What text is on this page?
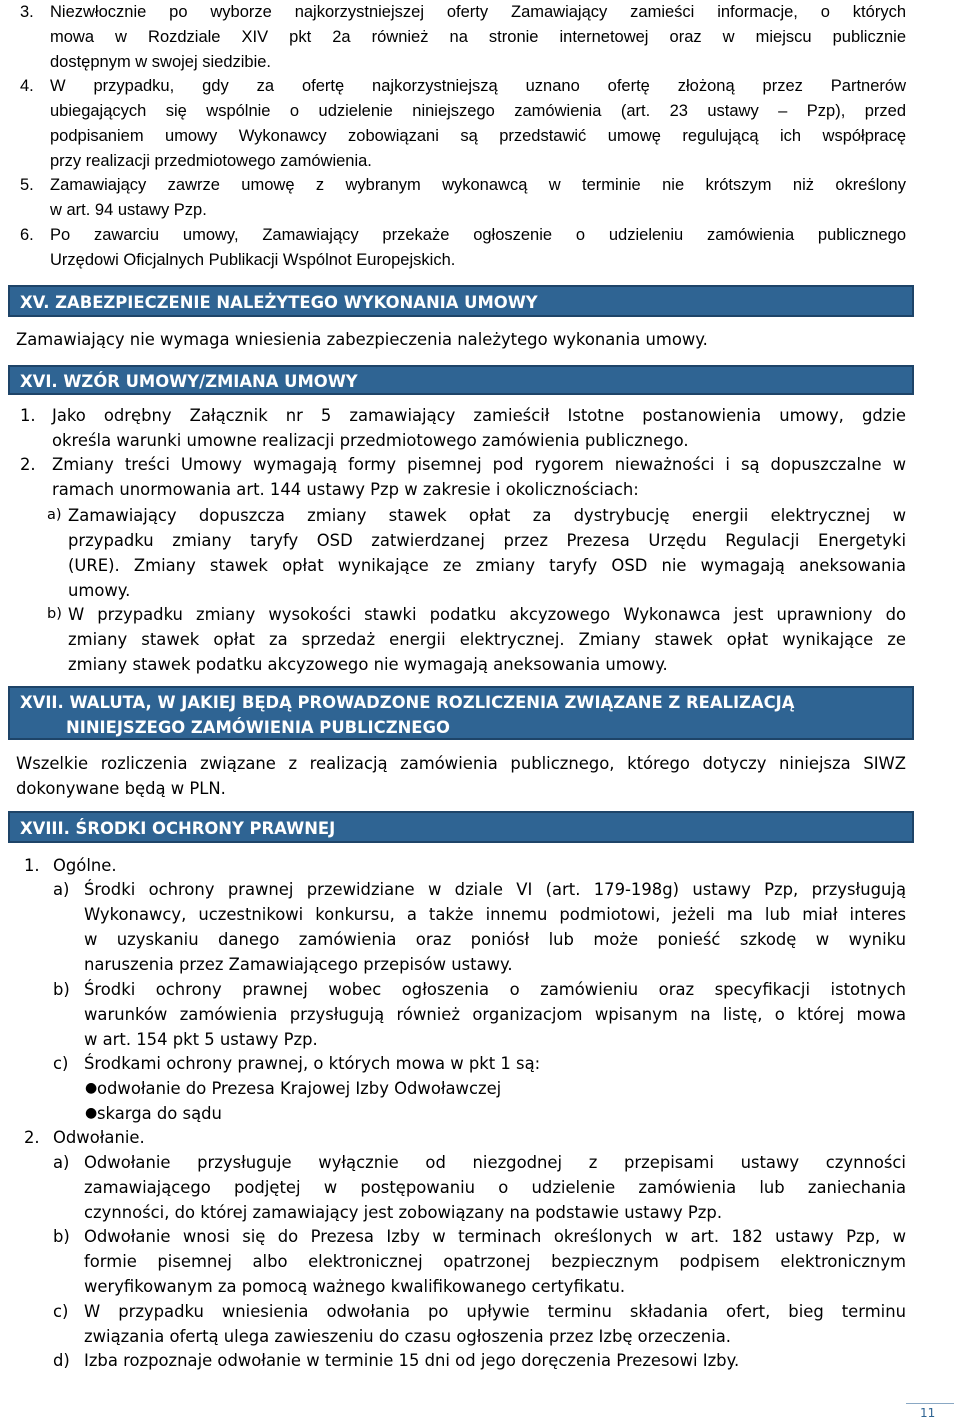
3. Niezwłocznie po wyborze najkorzystniejszej oferty Zamawiający zamieści informacje, o których
mowa w Rozdziale XIV pkt 2a również na stronie internetowej oraz w miejscu publicznie
dostępnym w swojej siedzibie.
4. W przypadku, gdy za ofertę najkorzystniejszą uznano ofertę złożoną przez Partnerów
ubiegających się wspólnie o udzielenie niniejszego zamówienia (art. 23 ustawy – Pzp), przed
podpisaniem umowy Wykonawcy zobowiązani są przedstawić umowę regulującą ich współpracę
przy realizacji przedmiotowego zamówienia.
5. Zamawiający zawrze umowę z wybranym wykonawcą w terminie nie krótszym niż określony
w art. 94 ustawy Pzp.
6. Po zawarciu umowy, Zamawiający przekaże ogłoszenie o udzieleniu zamówienia publicznego
Urzędowi Oficjalnych Publikacji Wspólnot Europejskich.
XV. ZABEZPIECZENIE NALEŻYTEGO WYKONANIA UMOWY
Zamawiający nie wymaga wniesienia zabezpieczenia należytego wykonania umowy.
XVI. WZÓR UMOWY/ZMIANA UMOWY
1. Jako odrębny Załącznik nr 5 zamawiający zamieścił Istotne postanowienia umowy, gdzie
określa warunki umowne realizacji przedmiotowego zamówienia publicznego.
2. Zmiany treści Umowy wymagają formy pisemnej pod rygorem nieważności i są dopuszczalne w
ramach unormowania art. 144 ustawy Pzp w zakresie i okolicznościach:
a) Zamawiający dopuszcza zmiany stawek opłat za dystrybucję energii elektrycznej w
przypadku zmiany taryfy OSD zatwierdzanej przez Prezesa Urzędu Regulacji Energetyki
(URE). Zmiany stawek opłat wynikające ze zmiany taryfy OSD nie wymagają aneksowania
umowy.
b) W przypadku zmiany wysokości stawki podatku akcyzowego Wykonawca jest uprawniony do
zmiany stawek opłat za sprzedaż energii elektrycznej. Zmiany stawek opłat wynikające ze
zmiany stawek podatku akcyzowego nie wymagają aneksowania umowy.
XVII. WALUTA, W JAKIEJ BĘDĄ PROWADZONE ROZLICZENIA ZWIĄZANE Z REALIZACJĄ
NINIEJSZEGO ZAMÓWIENIA PUBLICZNEGO
Wszelkie rozliczenia związane z realizacją zamówienia publicznego, którego dotyczy niniejsza SIWZ
dokonywane będą w PLN.
XVIII. ŚRODKI OCHRONY PRAWNEJ
1. Ogólne.
a) Środki ochrony prawnej przewidziane w dziale VI (art. 179-198g) ustawy Pzp, przysługują
Wykonawcy, uczestnikowi konkursu, a także innemu podmiotowi, jeżeli ma lub miał interes
w uzyskaniu danego zamówienia oraz poniósł lub może ponieść szkodę w wyniku
naruszenia przez Zamawiającego przepisów ustawy.
b) Środki ochrony prawnej wobec ogłoszenia o zamówieniu oraz specyfikacji istotnych
warunków zamówienia przysługują również organizacjom wpisanym na listę, o której mowa
w art. 154 pkt 5 ustawy Pzp.
c) Środkami ochrony prawnej, o których mowa w pkt 1 są:
● odwołanie do Prezesa Krajowej Izby Odwoławczej
● skarga do sądu
2. Odwołanie.
a) Odwołanie przysługuje wyłącznie od niezgodnej z przepisami ustawy czynności
zamawiającego podjętej w postępowaniu o udzielenie zamówienia lub zaniechania
czynności, do której zamawiający jest zobowiązany na podstawie ustawy Pzp.
b) Odwołanie wnosi się do Prezesa Izby w terminach określonych w art. 182 ustawy Pzp, w
formie pisemnej albo elektronicznej opatrzonej bezpiecznym podpisem elektronicznym
weryfikowanym za pomocą ważnego kwalifikowanego certyfikatu.
c) W przypadku wniesienia odwołania po upływie terminu składania ofert, bieg terminu
związania ofertą ulega zawieszeniu do czasu ogłoszenia przez Izbę orzeczenia.
d) Izba rozpoznaje odwołanie w terminie 15 dni od jego doręczenia Prezesowi Izby.
11
